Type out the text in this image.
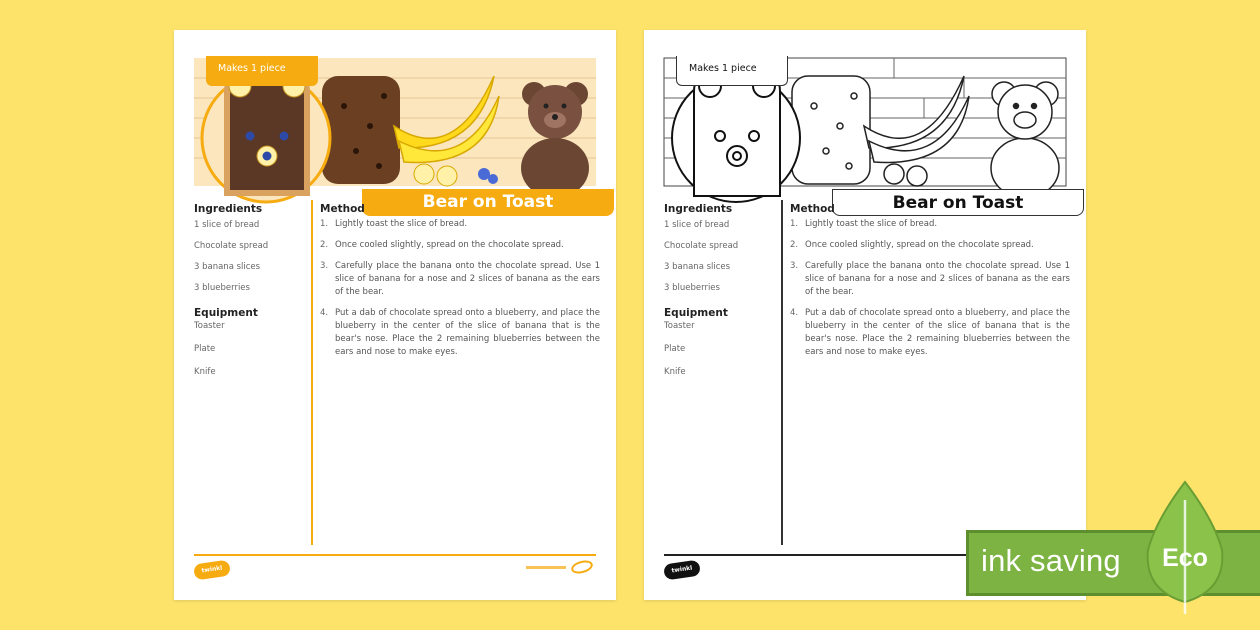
Makes 1 piece
Bear on Toast
Ingredients
1 slice of bread
Chocolate spread
3 banana slices
3 blueberries
Equipment
Toaster
Plate
Knife
Method
1. Lightly toast the slice of bread.
2. Once cooled slightly, spread on the chocolate spread.
3. Carefully place the banana onto the chocolate spread. Use 1 slice of banana for a nose and 2 slices of banana as the ears of the bear.
4. Put a dab of chocolate spread onto a blueberry, and place the blueberry in the center of the slice of banana that is the bear's nose. Place the 2 remaining blueberries between the ears and nose to make eyes.
twinkl
Makes 1 piece
Bear on Toast
Ingredients
1 slice of bread
Chocolate spread
3 banana slices
3 blueberries
Equipment
Toaster
Plate
Knife
Method
1. Lightly toast the slice of bread.
2. Once cooled slightly, spread on the chocolate spread.
3. Carefully place the banana onto the chocolate spread. Use 1 slice of banana for a nose and 2 slices of banana as the ears of the bear.
4. Put a dab of chocolate spread onto a blueberry, and place the blueberry in the center of the slice of banana that is the bear's nose. Place the 2 remaining blueberries between the ears and nose to make eyes.
twinkl	ink saving Eco
